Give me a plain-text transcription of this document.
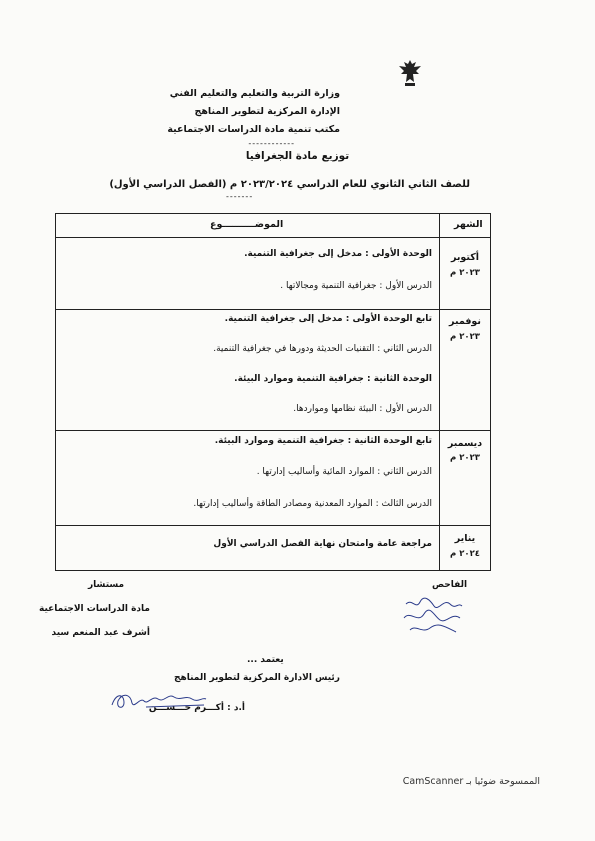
وزارة التربية والتعليم والتعليم الفني
الإدارة المركزية لتطوير المناهج
مكتب تنمية مادة الدراسات الاجتماعية
------------
توزيع مادة الجغرافيا
للصف الثاني الثانوي للعام الدراسي ٢٠٢٣/٢٠٢٤ م (الفصل الدراسي الأول)
-------
الشهر
الموضــــــــــوع
أكتوبر
٢٠٢٣ م
الوحدة الأولى : مدخل إلى جغرافية التنمية.
الدرس الأول : جغرافية التنمية ومجالاتها .
نوفمبر
٢٠٢٣ م
تابع الوحدة الأولى : مدخل إلى جغرافية التنمية.
الدرس الثاني : التقنيات الحديثة ودورها في جغرافية التنمية.
الوحدة الثانية : جغرافية التنمية وموارد البيئة.
الدرس الأول : البيئة نظامها ومواردها.
ديسمبر
٢٠٢٣ م
تابع الوحدة الثانية : جغرافية التنمية وموارد البيئة.
الدرس الثاني : الموارد المائية وأساليب إدارتها .
الدرس الثالث : الموارد المعدنية ومصادر الطاقة وأساليب إدارتها.
يناير
٢٠٢٤ م
مراجعة عامة وامتحان نهاية الفصل الدراسي الأول
الفاحص
مستشار
مادة الدراسات الاجتماعية
أشرف عبد المنعم سيد
يعتمد ...
رئيس الادارة المركزية لتطوير المناهج
أ.د : أكـــرم حـــســـن
الممسوحة ضوئيا بـ CamScanner
